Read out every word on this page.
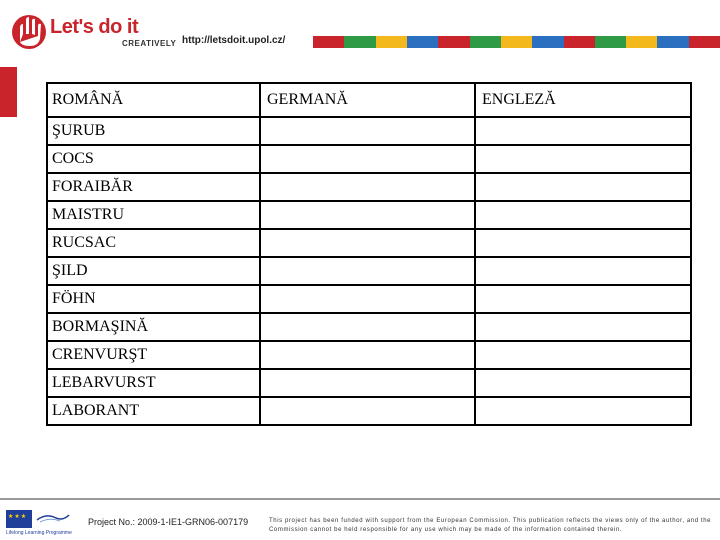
Let's do it
CREATIVELY http://letsdoit.upol.cz/
ROMÂNĂ	GERMANĂ	ENGLEZĂ
ŞURUB		
COCS		
FORAIBĂR		
MAISTRU		
RUCSAC		
ŞILD		
FÖHN		
BORMAŞINĂ		
CRENVURŞT		
LEBARVURST		
LABORANT		
★★★
Lifelong Learning Programme
Project No.: 2009-1-IE1-GRN06-007179	This project has been funded with support from the European Commission. This publication reflects the views only of the author, and the Commission cannot be held responsible for any use which may be made of the information contained therein.
